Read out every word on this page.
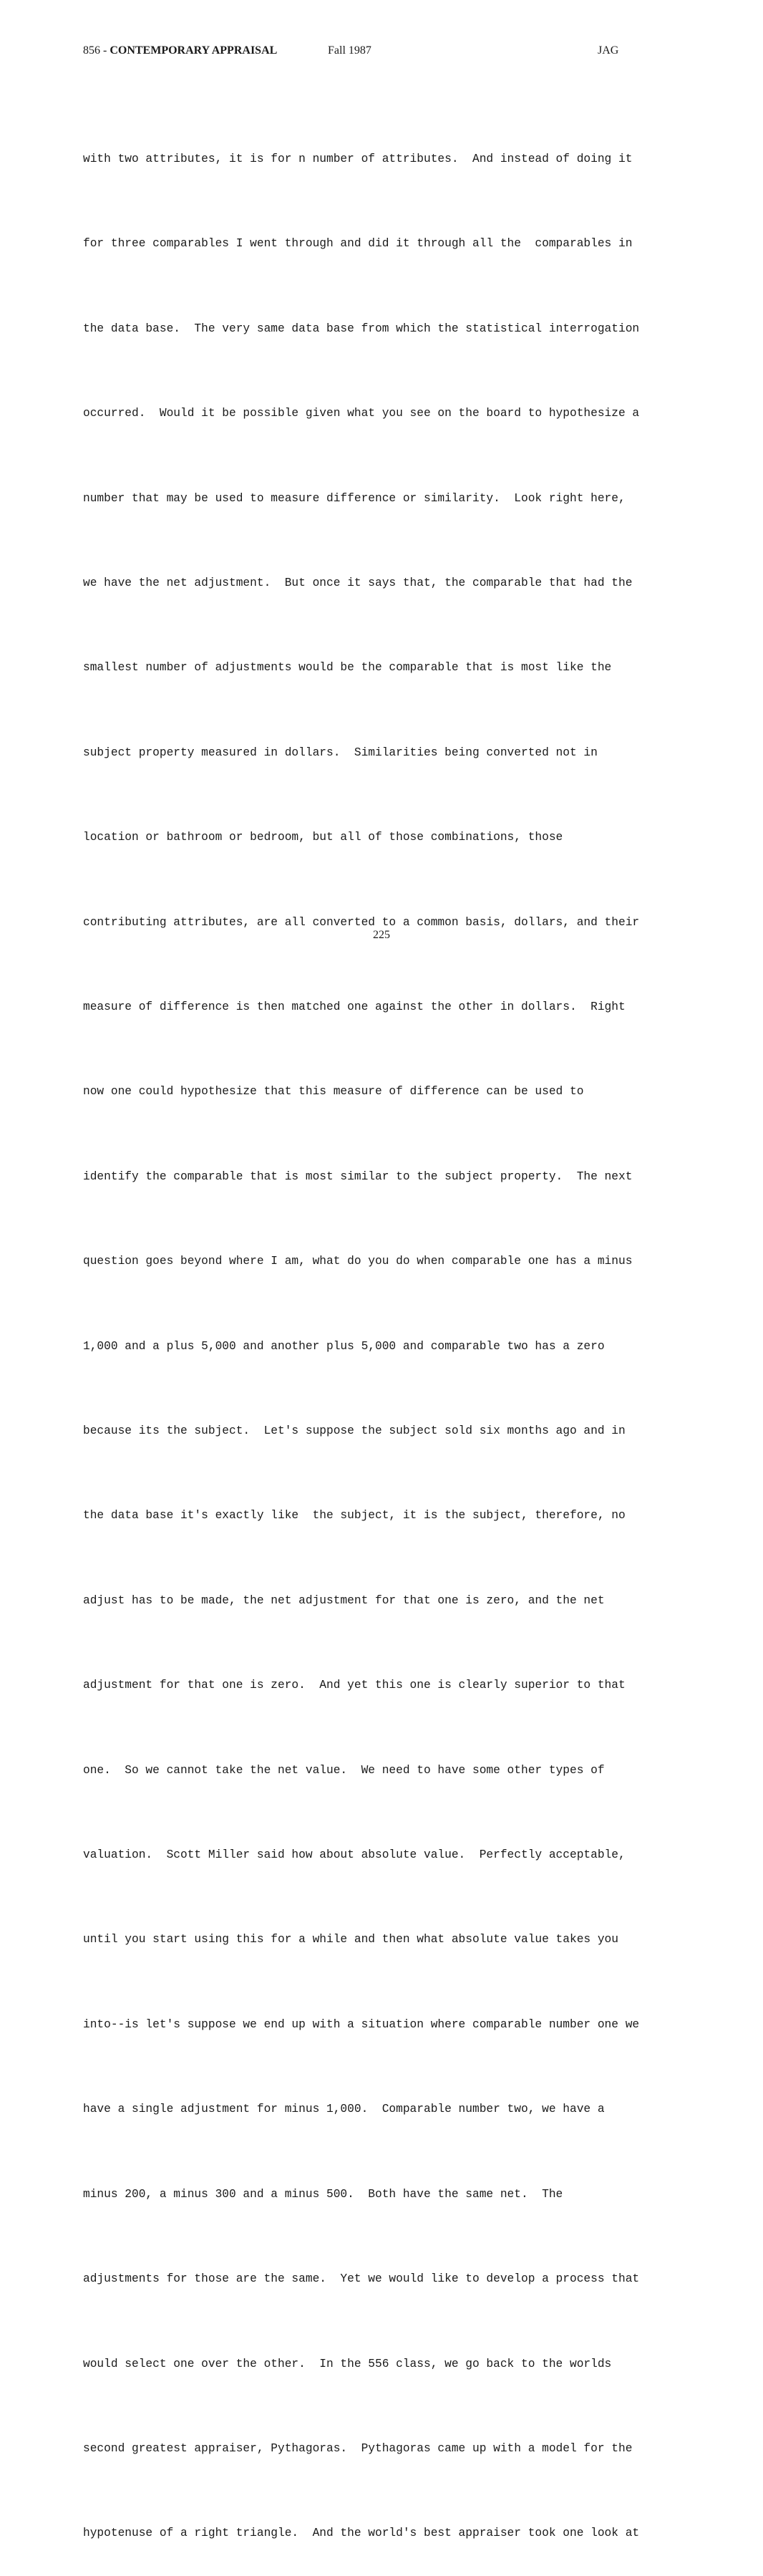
856 - CONTEMPORARY APPRAISAL	Fall 1987	JAG

with two attributes, it is for n number of attributes.  And instead of doing it

for three comparables I went through and did it through all the  comparables in

the data base.  The very same data base from which the statistical interrogation

occurred.  Would it be possible given what you see on the board to hypothesize a

number that may be used to measure difference or similarity.  Look right here,

we have the net adjustment.  But once it says that, the comparable that had the

smallest number of adjustments would be the comparable that is most like the

subject property measured in dollars.  Similarities being converted not in

location or bathroom or bedroom, but all of those combinations, those

contributing attributes, are all converted to a common basis, dollars, and their

measure of difference is then matched one against the other in dollars.  Right

now one could hypothesize that this measure of difference can be used to

identify the comparable that is most similar to the subject property.  The next

question goes beyond where I am, what do you do when comparable one has a minus

1,000 and a plus 5,000 and another plus 5,000 and comparable two has a zero

because its the subject.  Let's suppose the subject sold six months ago and in

the data base it's exactly like  the subject, it is the subject, therefore, no

adjust has to be made, the net adjustment for that one is zero, and the net

adjustment for that one is zero.  And yet this one is clearly superior to that

one.  So we cannot take the net value.  We need to have some other types of

valuation.  Scott Miller said how about absolute value.  Perfectly acceptable,

until you start using this for a while and then what absolute value takes you

into--is let's suppose we end up with a situation where comparable number one we

have a single adjustment for minus 1,000.  Comparable number two, we have a

minus 200, a minus 300 and a minus 500.  Both have the same net.  The

adjustments for those are the same.  Yet we would like to develop a process that

would select one over the other.  In the 556 class, we go back to the worlds

second greatest appraiser, Pythagoras.  Pythagoras came up with a model for the

hypotenuse of a right triangle.  And the world's best appraiser took one look at

225
